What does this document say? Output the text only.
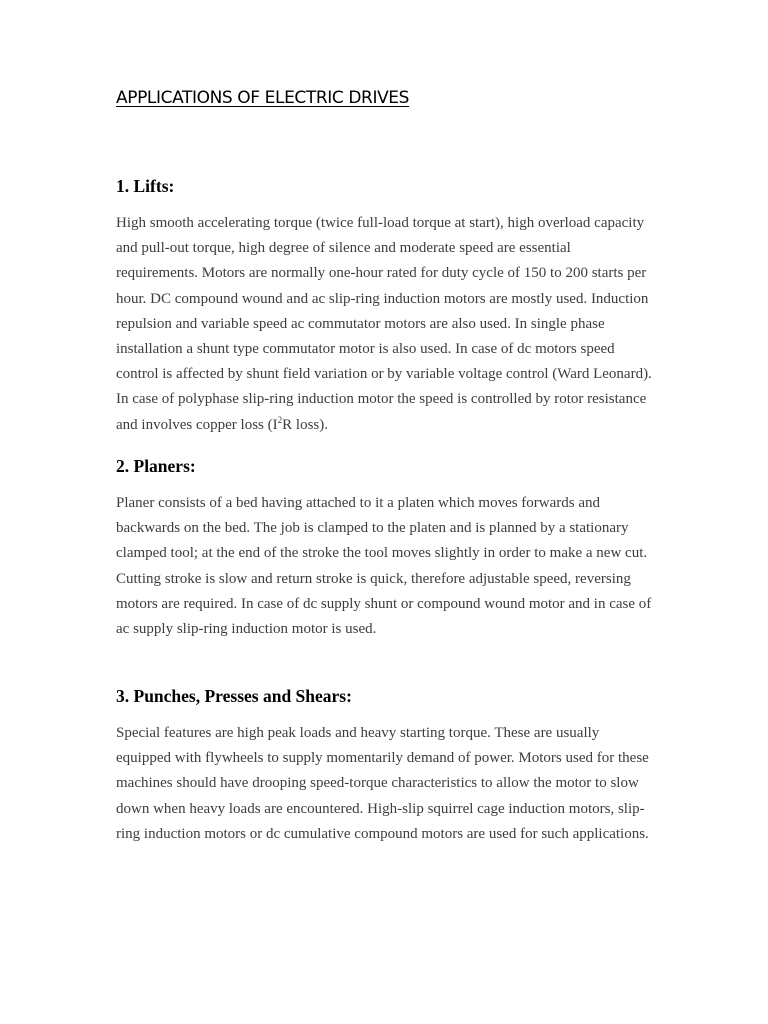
APPLICATIONS OF ELECTRIC DRIVES
1. Lifts:

High smooth accelerating torque (twice full-load torque at start), high overload capacity and pull-out torque, high degree of silence and moderate speed are essential requirements. Motors are normally one-hour rated for duty cycle of 150 to 200 starts per hour. DC compound wound and ac slip-ring induction motors are mostly used. Induction repulsion and variable speed ac commutator motors are also used. In single phase installation a shunt type commutator motor is also used. In case of dc motors speed control is affected by shunt field variation or by variable voltage control (Ward Leonard). In case of polyphase slip-ring induction motor the speed is controlled by rotor resistance and involves copper loss ($I^2R$ loss).

2. Planers:

Planer consists of a bed having attached to it a platen which moves forwards and backwards on the bed. The job is clamped to the platen and is planned by a stationary clamped tool; at the end of the stroke the tool moves slightly in order to make a new cut. Cutting stroke is slow and return stroke is quick, therefore adjustable speed, reversing motors are required. In case of dc supply shunt or compound wound motor and in case of ac supply slip-ring induction motor is used.

3. Punches, Presses and Shears:

Special features are high peak loads and heavy starting torque. These are usually equipped with flywheels to supply momentarily demand of power. Motors used for these machines should have drooping speed-torque characteristics to allow the motor to slow down when heavy loads are encountered. High-slip squirrel cage induction motors, slip-ring induction motors or dc cumulative compound motors are used for such applications.
